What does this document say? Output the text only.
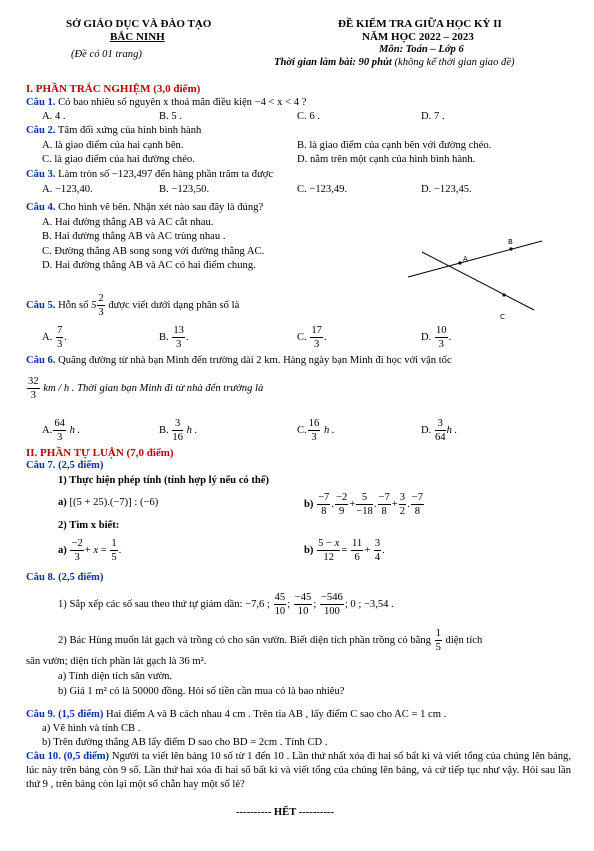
SỞ GIÁO DỤC VÀ ĐÀO TẠO
BẮC NINH
(Đề có 01 trang)
ĐỀ KIỂM TRA GIỮA HỌC KỲ II
NĂM HỌC 2022 – 2023
Môn: Toán – Lớp 6
Thời gian làm bài: 90 phút (không kể thời gian giao đề)
I. PHẦN TRẮC NGHIỆM (3,0 điểm)
Câu 1. Có bao nhiêu số nguyên x thoả mãn điều kiện −4 < x < 4 ?
A. 4 .	B. 5 .	C. 6 .	D. 7 .
Câu 2. Tâm đối xứng của hình bình hành
A. là giao điểm của hai cạnh bên.	B. là giao điểm của cạnh bên với đường chéo.
C. là giao điểm của hai đường chéo.	D. nằm trên một cạnh của hình bình hành.
Câu 3. Làm tròn số −123,497 đến hàng phần trăm ta được
A. −123,40.	B. −123,50.	C. −123,49.	D. −123,45.
Câu 4. Cho hình vẽ bên. Nhận xét nào sau đây là đúng?
A. Hai đường thẳng AB và AC cắt nhau.
B. Hai đường thẳng AB và AC trùng nhau .
C. Đường thẳng AB song song với đường thẳng AC.
D. Hai đường thẳng AB và AC có hai điểm chung.
B
A
C
Câu 5. Hỗn số $5 \frac{2}{3}$ được viết dưới dạng phân số là
A. $\frac{7}{3}$ .	B. $\frac{13}{3}$ .	C. $\frac{17}{3}$ .	D. $\frac{10}{3}$ .
Câu 6. Quãng đường từ nhà bạn Minh đến trường dài 2 km. Hàng ngày bạn Minh đi học với vận tốc
$\frac{32}{3}$ km / h . Thời gian bạn Minh đi từ nhà đến trường là
A. $\frac{64}{3}$ h .	B. $\frac{3}{16}$ h .	C. $\frac{16}{3}$ h .	D. $\frac{3}{64}$ h .
II. PHẦN TỰ LUẬN (7,0 điểm)
Câu 7. (2,5 điểm)
1) Thực hiện phép tính (tính hợp lý nếu có thể)
a) [(5 + 25).(−7)] : (−6)	$b) \frac{-7}{8}$ . $\frac{-2}{9} + \frac{5}{-18}$ . $\frac{-7}{8} + \frac{3}{2}$ . $\frac{-7}{8}$
2) Tìm x biết:
$a) \frac{-2}{3} + x = \frac{1}{5}$ .	$b) \frac{5 - x}{12} = \frac{11}{6} + \frac{3}{4}$ .
Câu 8. (2,5 điểm)
1) Sắp xếp các số sau theo thứ tự giảm dần: −7,6 ; $\frac{45}{10}$ ; $\frac{-45}{10}$ ; $\frac{-546}{100}$ ; 0 ; −3,54 .
2) Bác Hùng muốn lát gạch và trồng cỏ cho sân vườn. Biết diện tích phần trồng cỏ bằng $\frac{1}{5}$ diện tích
sân vườn; diện tích phần lát gạch là 36 m².
a) Tính diện tích sân vườn.
b) Giá 1 m² cỏ là 50000 đồng. Hỏi số tiền cần mua cỏ là bao nhiêu?
Câu 9. (1,5 điểm) Hai điểm A và B cách nhau 4 cm . Trên tia AB , lấy điểm C sao cho AC = 1 cm .
a) Vẽ hình và tính CB .
b) Trên đường thẳng AB lấy điểm D sao cho BD = 2cm . Tính CD .
Câu 10. (0,5 điểm) Người ta viết lên bảng 10 số từ 1 đến 10 . Lần thứ nhất xóa đi hai số bất kì và viết tổng của chúng lên bảng, lúc này trên bảng còn 9 số. Lần thứ hai xóa đi hai số bất kì và viết tổng của chúng lên bảng, và cứ tiếp tục như vậy. Hỏi sau lần thứ 9 , trên bảng còn lại một số chẵn hay một số lẻ?
---------- HẾT ----------
